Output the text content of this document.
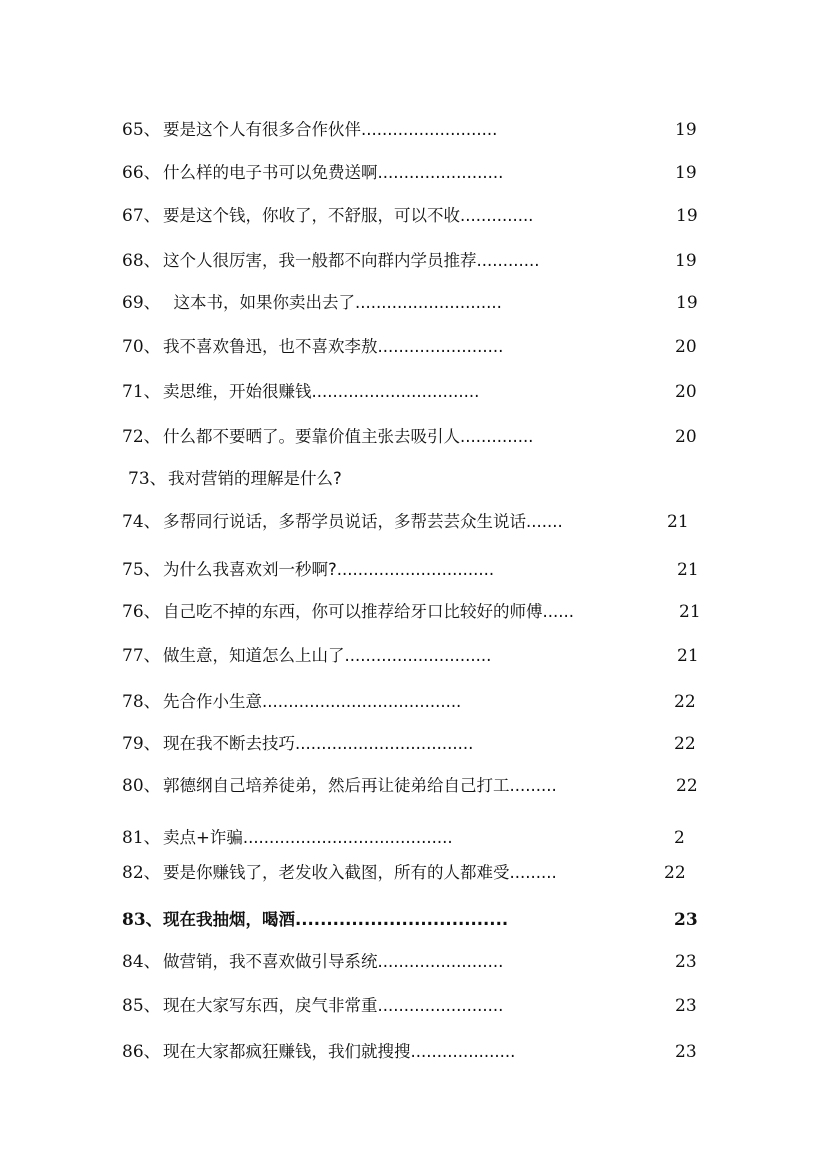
65、 要是这个人有很多合作伙伴..........................	19
66、 什么样的电子书可以免费送啊........................	19
67、 要是这个钱，你收了，不舒服，可以不收..............	19
68、 这个人很厉害，我一般都不向群内学员推荐............	19
69、 这本书，如果你卖出去了............................	19
70、 我不喜欢鲁迅，也不喜欢李敖........................	20
71、 卖思维，开始很赚钱................................	20
72、 什么都不要晒了。要靠价值主张去吸引人..............	20
73、 我对营销的理解是什么?
74、 多帮同行说话，多帮学员说话，多帮芸芸众生说话.......	21
75、 为什么我喜欢刘一秒啊?..............................	21
76、 自己吃不掉的东西，你可以推荐给牙口比较好的师傅......	21
77、 做生意，知道怎么上山了............................	21
78、 先合作小生意......................................	22
79、 现在我不断去技巧..................................	22
80、 郭德纲自己培养徒弟，然后再让徒弟给自己打工.........	22
81、 卖点+诈骗........................................	2
82、 要是你赚钱了，老发收入截图，所有的人都难受.........	22
83、 现在我抽烟，喝酒..................................	23
84、 做营销，我不喜欢做引导系统........................	23
85、 现在大家写东西，戾气非常重........................	23
86、 现在大家都疯狂赚钱，我们就搜搜....................	23
